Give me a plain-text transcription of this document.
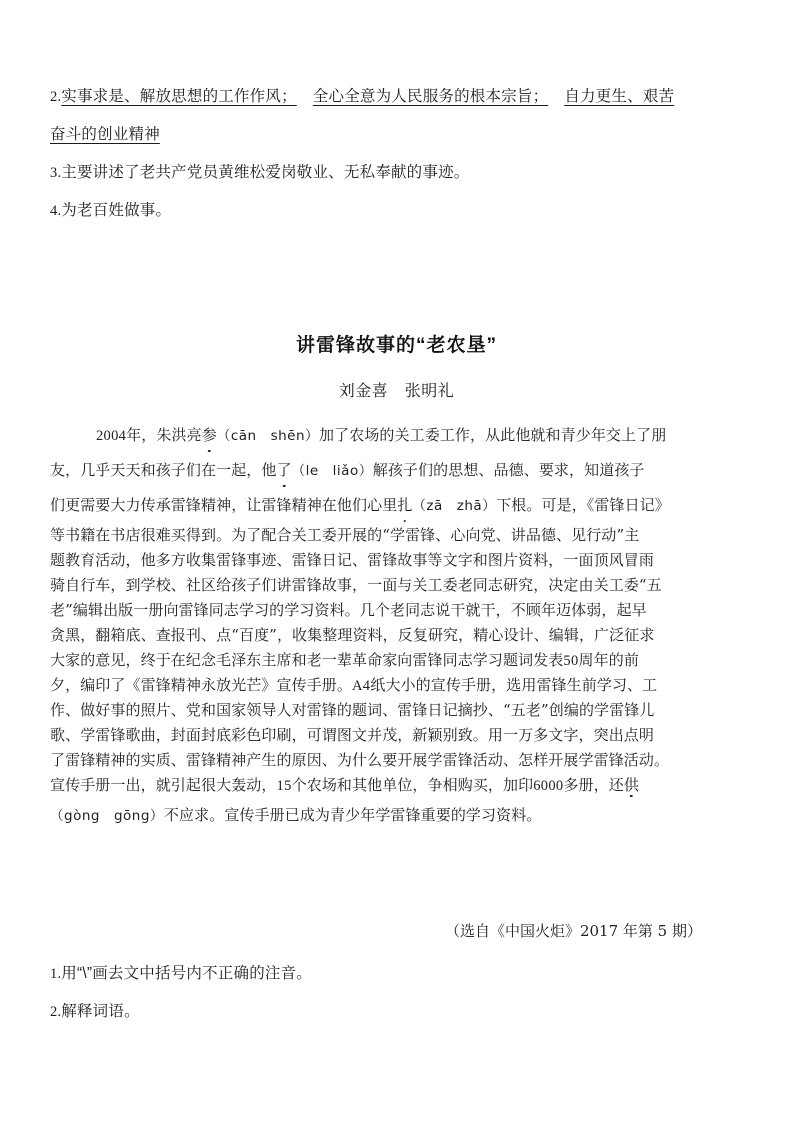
2.实事求是、解放思想的工作作风； 全心全意为人民服务的根本宗旨； 自力更生、艰苦
奋斗的创业精神
3.主要讲述了老共产党员黄维松爱岗敬业、无私奉献的事迹。
4.为老百姓做事。
讲雷锋故事的“老农垦”
刘金喜　张明礼
2004年，朱洪亮参（cān　shēn）加了农场的关工委工作，从此他就和青少年交上了朋
友，几乎天天和孩子们在一起，他了（le　liǎo）解孩子们的思想、品德、要求，知道孩子
们更需要大力传承雷锋精神，让雷锋精神在他们心里扎（zā　zhā）下根。可是，《雷锋日记》
等书籍在书店很难买得到。为了配合关工委开展的“学雷锋、心向党、讲品德、见行动”主
题教育活动，他多方收集雷锋事迹、雷锋日记、雷锋故事等文字和图片资料，一面顶风冒雨
骑自行车，到学校、社区给孩子们讲雷锋故事，一面与关工委老同志研究，决定由关工委“五
老”编辑出版一册向雷锋同志学习的学习资料。几个老同志说干就干，不顾年迈体弱，起早
贪黑，翻箱底、查报刊、点“百度”，收集整理资料，反复研究，精心设计、编辑，广泛征求
大家的意见，终于在纪念毛泽东主席和老一辈革命家向雷锋同志学习题词发表50周年的前
夕，编印了《雷锋精神永放光芒》宣传手册。A4纸大小的宣传手册，选用雷锋生前学习、工
作、做好事的照片、党和国家领导人对雷锋的题词、雷锋日记摘抄、“五老”创编的学雷锋儿
歌、学雷锋歌曲，封面封底彩色印刷，可谓图文并茂，新颖别致。用一万多文字，突出点明
了雷锋精神的实质、雷锋精神产生的原因、为什么要开展学雷锋活动、怎样开展学雷锋活动。
宣传手册一出，就引起很大轰动，15个农场和其他单位，争相购买，加印6000多册，还供
（gòng　gōng）不应求。宣传手册已成为青少年学雷锋重要的学习资料。
（选自《中国火炬》2017 年第 5 期）
1.用“\”画去文中括号内不正确的注音。
2.解释词语。
